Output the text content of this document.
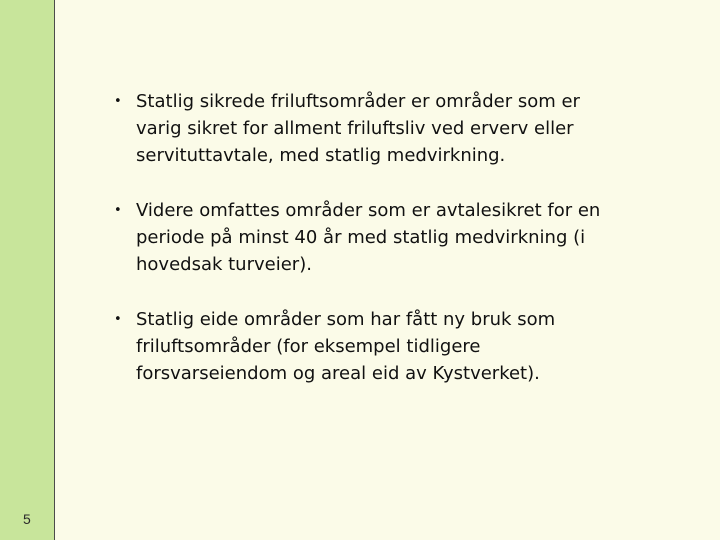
5
• Statlig sikrede friluftsområder er områder som er varig sikret for allment friluftsliv ved erverv eller servituttavtale, med statlig medvirkning.
• Videre omfattes områder som er avtalesikret for en periode på minst 40 år med statlig medvirkning (i hovedsak turveier).
• Statlig eide områder som har fått ny bruk som friluftsområder (for eksempel tidligere forsvarseiendom og areal eid av Kystverket).
